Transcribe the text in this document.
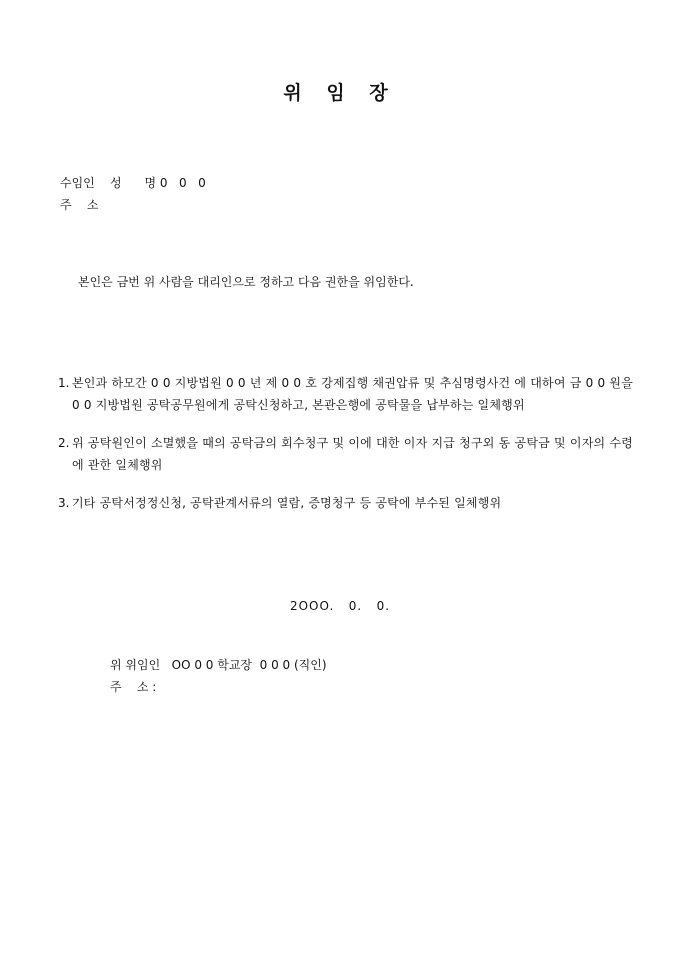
위 임 장
수임인    성      명 0   0   0
주    소
본인은 금번 위 사람을 대리인으로 정하고 다음 권한을 위임한다.
1. 본인과 하모간 0 0 지방법원 0 0 년 제 0 0 호 강제집행 채권압류 및 추심명령사건 에 대하여 금 0 0 원을 0 0 지방법원 공탁공무원에게 공탁신청하고, 본관은행에 공탁물을 납부하는 일체행위
2. 위 공탁원인이 소멸했을 때의 공탁금의 회수청구 및 이에 대한 이자 지급 청구외 동 공탁금 및 이자의 수령에 관한 일체행위
3. 기타 공탁서정정신청, 공탁관계서류의 열람, 증명청구 등 공탁에 부수된 일체행위
2OOO.   0.   0.
위 위임인   OO 0 0 학교장  0 0 0 (직인)
주    소 :
